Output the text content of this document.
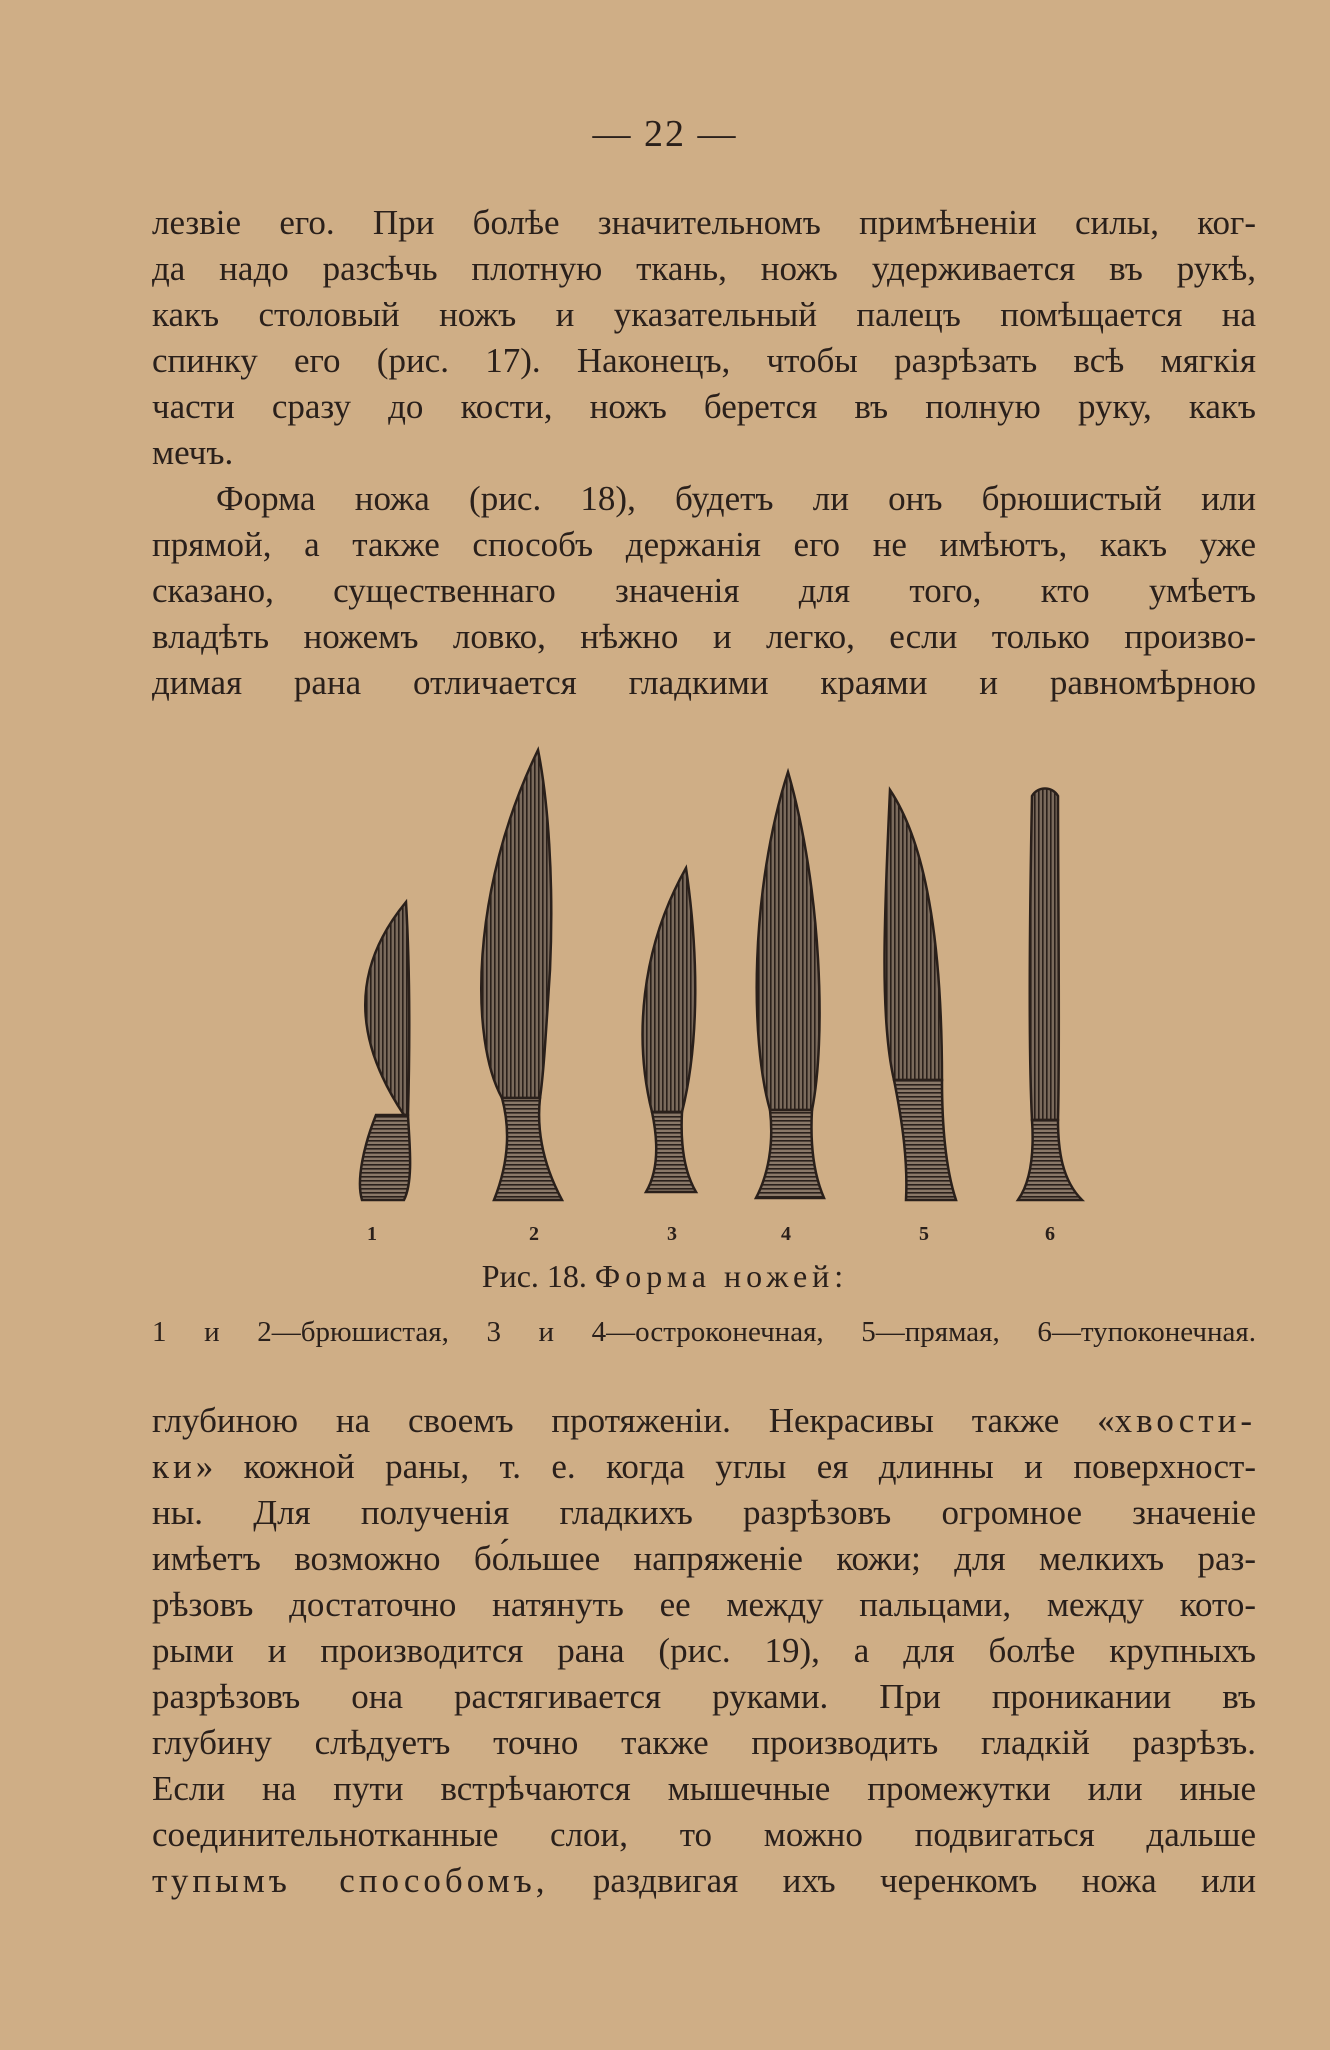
— 22 —
лезвіе его. При болѣе значительномъ примѣненіи силы, ког-
да надо разсѣчь плотную ткань, ножъ удерживается въ рукѣ,
какъ столовый ножъ и указательный палецъ помѣщается на
спинку его (рис. 17). Наконецъ, чтобы разрѣзать всѣ мягкія
части сразу до кости, ножъ берется въ полную руку, какъ
мечъ.
Форма ножа (рис. 18), будетъ ли онъ брюшистый или
прямой, а также способъ держанія его не имѣютъ, какъ уже
сказано, существеннаго значенія для того, кто умѣетъ
владѣть ножемъ ловко, нѣжно и легко, если только произво-
димая рана отличается гладкими краями и равномѣрною
1	2	3	4	5	6
Рис. 18. Форма ножей:
1 и 2—брюшистая, 3 и 4—остроконечная, 5—прямая, 6—тупоконечная.
глубиною на своемъ протяженіи. Некрасивы также «хвости-
ки» кожной раны, т. е. когда углы ея длинны и поверхност-
ны. Для полученія гладкихъ разрѣзовъ огромное значеніе
имѣетъ возможно бо́льшее напряженіе кожи; для мелкихъ раз-
рѣзовъ достаточно натянуть ее между пальцами, между кото-
рыми и производится рана (рис. 19), а для болѣе крупныхъ
разрѣзовъ она растягивается руками. При проникании въ
глубину слѣдуетъ точно также производить гладкій разрѣзъ.
Если на пути встрѣчаются мышечные промежутки или иные
соединительнотканные слои, то можно подвигаться дальше
тупымъ способомъ, раздвигая ихъ черенкомъ ножа или
